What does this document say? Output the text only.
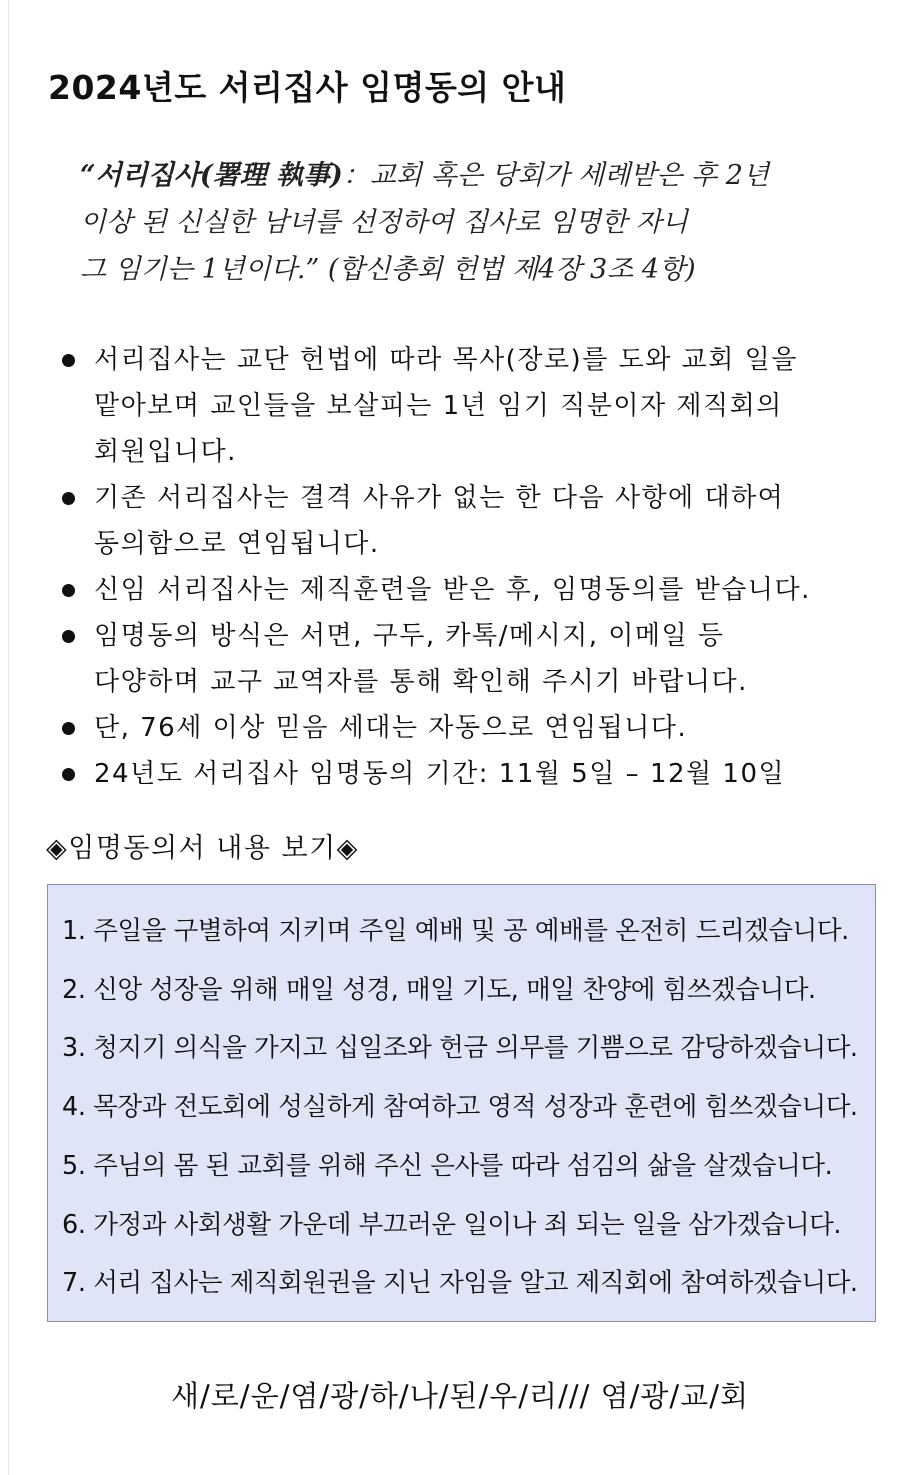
2024년도 서리집사 임명동의 안내
“서리집사(署理 執事)：교회 혹은 당회가 세례받은 후 2년
이상 된 신실한 남녀를 선정하여 집사로 임명한 자니
그 임기는 1년이다.” (합신총회 헌법 제4장 3조 4항)
서리집사는 교단 헌법에 따라 목사(장로)를 도와 교회 일을
맡아보며 교인들을 보살피는 1년 임기 직분이자 제직회의
회원입니다.
기존 서리집사는 결격 사유가 없는 한 다음 사항에 대하여
동의함으로 연임됩니다.
신임 서리집사는 제직훈련을 받은 후, 임명동의를 받습니다.
임명동의 방식은 서면, 구두, 카톡/메시지, 이메일 등
다양하며 교구 교역자를 통해 확인해 주시기 바랍니다.
단, 76세 이상 믿음 세대는 자동으로 연임됩니다.
24년도 서리집사 임명동의 기간: 11월 5일 – 12월 10일
◈임명동의서 내용 보기◈
1. 주일을 구별하여 지키며 주일 예배 및 공 예배를 온전히 드리겠습니다.
2. 신앙 성장을 위해 매일 성경, 매일 기도, 매일 찬양에 힘쓰겠습니다.
3. 청지기 의식을 가지고 십일조와 헌금 의무를 기쁨으로 감당하겠습니다.
4. 목장과 전도회에 성실하게 참여하고 영적 성장과 훈련에 힘쓰겠습니다.
5. 주님의 몸 된 교회를 위해 주신 은사를 따라 섬김의 삶을 살겠습니다.
6. 가정과 사회생활 가운데 부끄러운 일이나 죄 되는 일을 삼가겠습니다.
7. 서리 집사는 제직회원권을 지닌 자임을 알고 제직회에 참여하겠습니다.
새/로/운/염/광/하/나/된/우/리/// 염/광/교/회
